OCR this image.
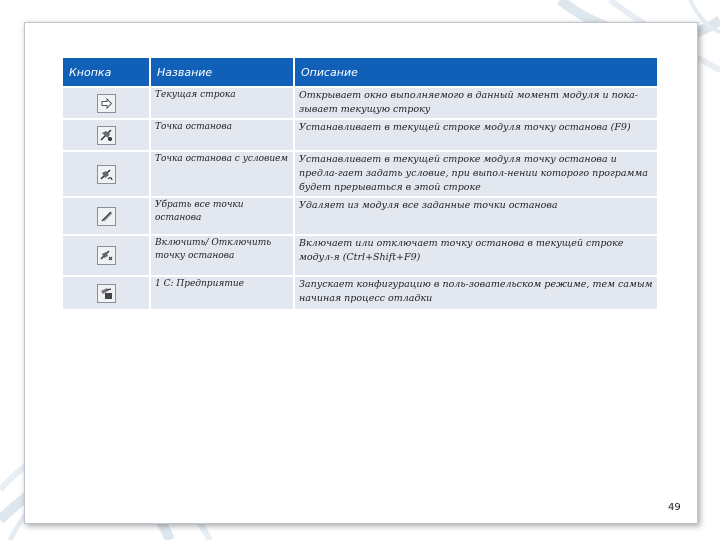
Кнопка	Название	Описание

	Текущая строка	Открывает окно выполняемого в данный момент модуля и пока-зывает текущую строку

	Точка останова	Устанавливает в текущей строке модуля точку останова (F9)

	Точка останова с условием	Устанавливает в текущей строке модуля точку останова и предла-гает задать условие, при выпол-нении которого программа будет прерываться в этой строке

	Убрать все точки останова	Удаляет из модуля все заданные точки останова

	Включить/ Отключить точку останова	Включает или отключает точку останова в текущей строке модул-я (Ctrl+Shift+F9)

	1 С: Предприятие	Запускает конфигурацию в поль-зовательском режиме, тем самым начиная процесс отладки
49
